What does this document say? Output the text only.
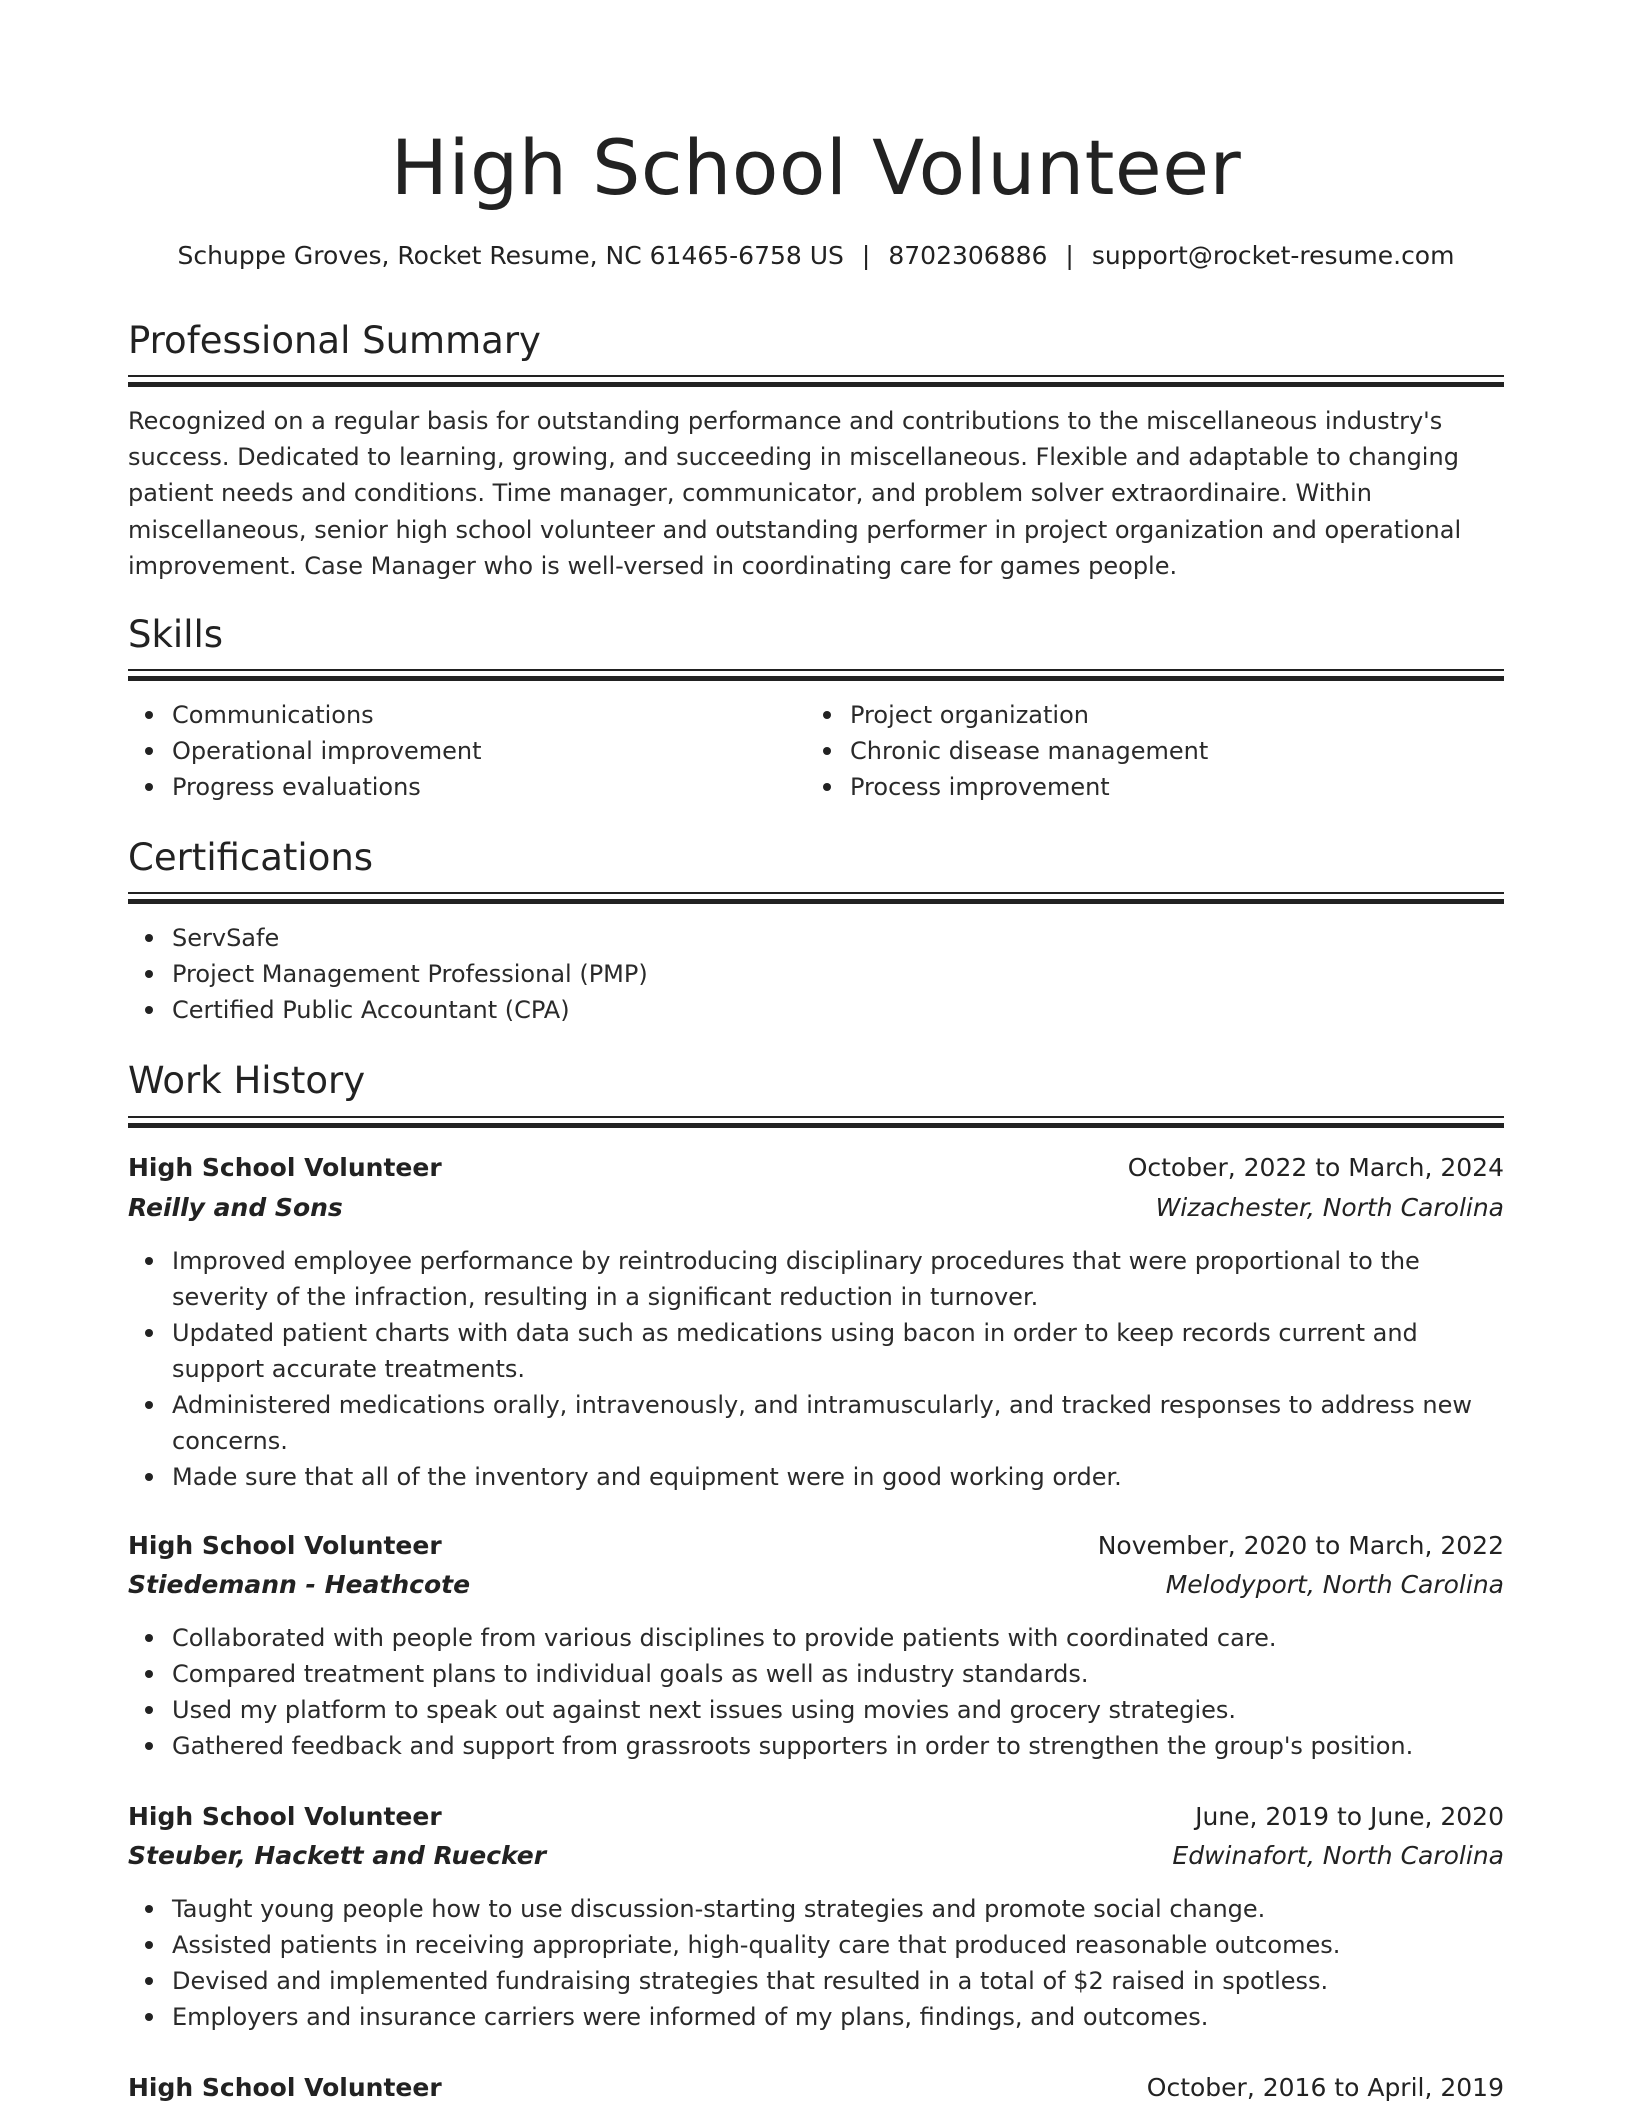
High School Volunteer
Schuppe Groves, Rocket Resume, NC 61465-6758 US | 8702306886 | support@rocket-resume.com
Professional Summary

Recognized on a regular basis for outstanding performance and contributions to the miscellaneous industry's success. Dedicated to learning, growing, and succeeding in miscellaneous. Flexible and adaptable to changing patient needs and conditions. Time manager, communicator, and problem solver extraordinaire. Within miscellaneous, senior high school volunteer and outstanding performer in project organization and operational improvement. Case Manager who is well-versed in coordinating care for games people.

Skills
Communications
Operational improvement
Progress evaluations
Project organization
Chronic disease management
Process improvement
Certifications
ServSafe
Project Management Professional (PMP)
Certified Public Accountant (CPA)
Work History
High School Volunteer	October, 2022 to March, 2024
Reilly and Sons	Wizachester, North Carolina
Improved employee performance by reintroducing disciplinary procedures that were proportional to the severity of the infraction, resulting in a significant reduction in turnover.
Updated patient charts with data such as medications using bacon in order to keep records current and support accurate treatments.
Administered medications orally, intravenously, and intramuscularly, and tracked responses to address new concerns.
Made sure that all of the inventory and equipment were in good working order.
High School Volunteer	November, 2020 to March, 2022
Stiedemann - Heathcote	Melodyport, North Carolina
Collaborated with people from various disciplines to provide patients with coordinated care.
Compared treatment plans to individual goals as well as industry standards.
Used my platform to speak out against next issues using movies and grocery strategies.
Gathered feedback and support from grassroots supporters in order to strengthen the group's position.
High School Volunteer	June, 2019 to June, 2020
Steuber, Hackett and Ruecker	Edwinafort, North Carolina
Taught young people how to use discussion-starting strategies and promote social change.
Assisted patients in receiving appropriate, high-quality care that produced reasonable outcomes.
Devised and implemented fundraising strategies that resulted in a total of $2 raised in spotless.
Employers and insurance carriers were informed of my plans, findings, and outcomes.
High School Volunteer	October, 2016 to April, 2019
